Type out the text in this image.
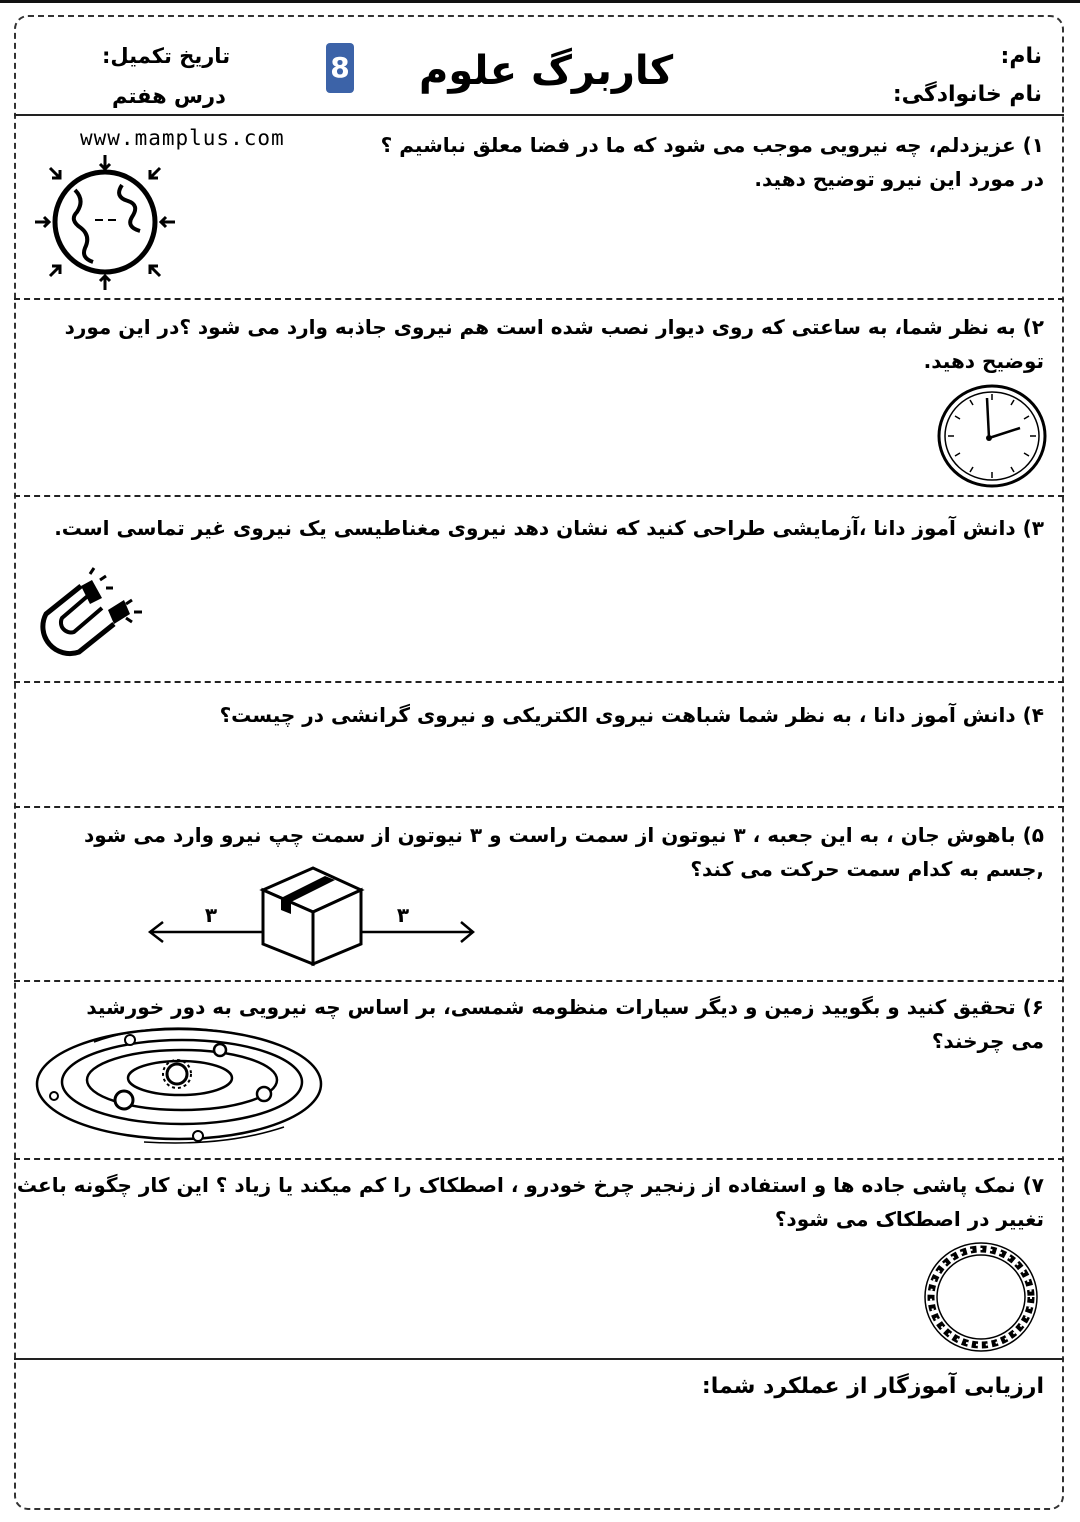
نام:
نام خانوادگی:
کاربرگ علوم
8
تاریخ تکمیل:
درس هفتم
www.mamplus.com	۱) عزیزدلم، چه نیرویی موجب می شود که ما در فضا معلق نباشیم ؟
در مورد این نیرو توضیح دهید.
۲) به نظر شما، به ساعتی که روی دیوار نصب شده است هم نیروی جاذبه وارد می شود ؟در این مورد
توضیح دهید.
۳) دانش آموز دانا ،آزمایشی طراحی کنید که نشان دهد نیروی مغناطیسی یک نیروی غیر تماسی است.
۴) دانش آموز دانا ، به نظر شما شباهت نیروی الکتریکی و نیروی گرانشی در چیست؟
۵) باهوش جان ، به این جعبه ، ۳ نیوتون از سمت راست و ۳ نیوتون از سمت چپ نیرو وارد می شود
,جسم به کدام سمت حرکت می کند؟
۳	۳
۶) تحقیق کنید و بگویید زمین و دیگر سیارات منظومه شمسی، بر اساس چه نیرویی به دور خورشید
می چرخند؟
۷) نمک پاشی جاده ها و استفاده از زنجیر چرخ خودرو ، اصطکاک را کم میکند یا زیاد ؟ این کار چگونه باعث
تغییر در اصطکاک می شود؟
ارزیابی آموزگار از عملکرد شما:
